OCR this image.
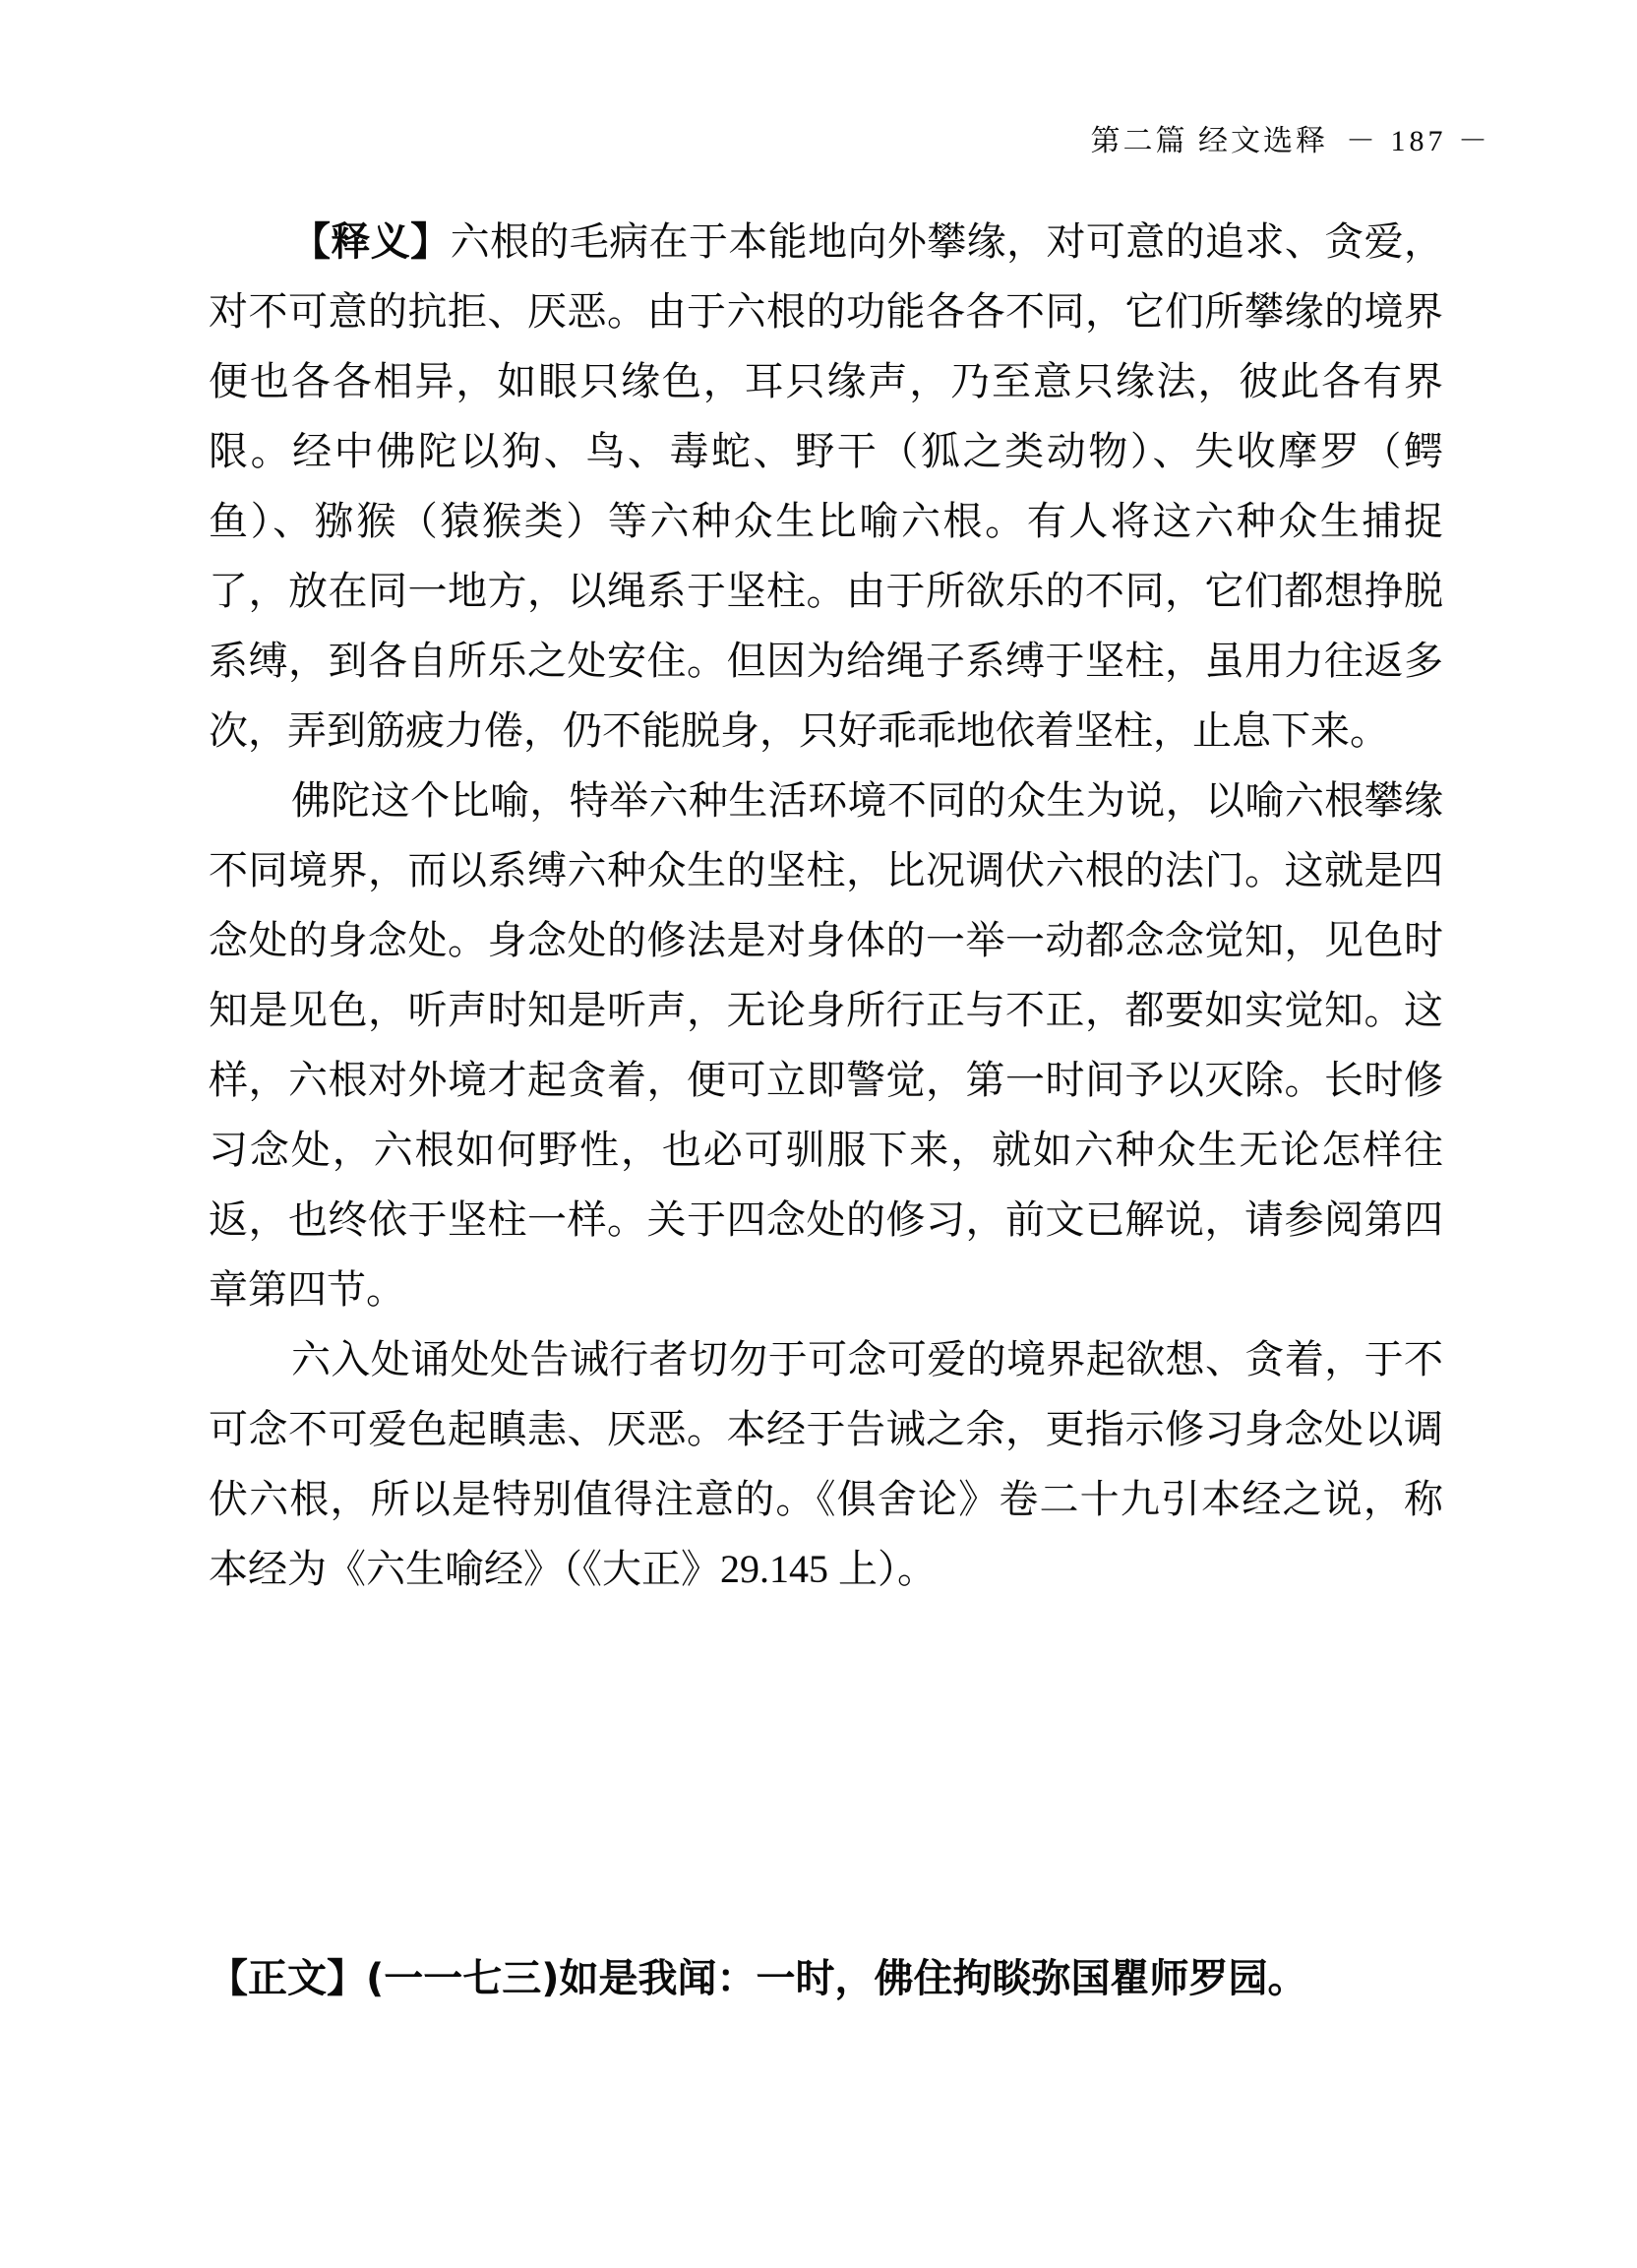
第二篇 经文选释 － 187 －

【释义】六根的毛病在于本能地向外攀缘，对可意的追求、贪爱，对不可意的抗拒、厌恶。由于六根的功能各各不同，它们所攀缘的境界便也各各相异，如眼只缘色，耳只缘声，乃至意只缘法，彼此各有界限。经中佛陀以狗、鸟、毒蛇、野干（狐之类动物）、失收摩罗（鳄鱼）、猕猴（猿猴类）等六种众生比喻六根。有人将这六种众生捕捉了，放在同一地方，以绳系于坚柱。由于所欲乐的不同，它们都想挣脱系缚，到各自所乐之处安住。但因为给绳子系缚于坚柱，虽用力往返多次，弄到筋疲力倦，仍不能脱身，只好乖乖地依着坚柱，止息下来。

佛陀这个比喻，特举六种生活环境不同的众生为说，以喻六根攀缘不同境界，而以系缚六种众生的坚柱，比况调伏六根的法门。这就是四念处的身念处。身念处的修法是对身体的一举一动都念念觉知，见色时知是见色，听声时知是听声，无论身所行正与不正，都要如实觉知。这样，六根对外境才起贪着，便可立即警觉，第一时间予以灭除。长时修习念处，六根如何野性，也必可驯服下来，就如六种众生无论怎样往返，也终依于坚柱一样。关于四念处的修习，前文已解说，请参阅第四章第四节。

六入处诵处处告诫行者切勿于可念可爱的境界起欲想、贪着，于不可念不可爱色起瞋恚、厌恶。本经于告诫之余，更指示修习身念处以调伏六根，所以是特别值得注意的。《俱舍论》卷二十九引本经之说，称本经为《六生喻经》（《大正》29.145 上）。

【正文】(一一七三)如是我闻：一时，佛住拘睒弥国瞿师罗园。
